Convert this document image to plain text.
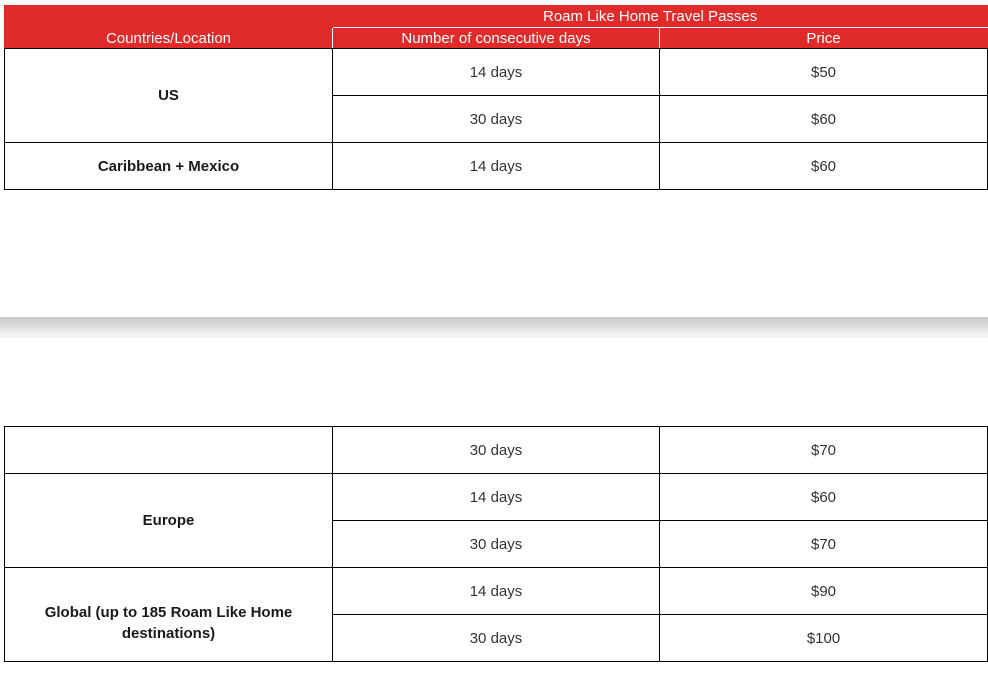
	Roam Like Home Travel Passes	
Countries/Location	Number of consecutive days	Price
US	14 days	$50
	30 days	$60
Caribbean + Mexico	14 days	$60
	30 days	$70
Europe	14 days	$60
	30 days	$70

Global (up to 185 Roam Like Home destinations)	14 days	$90
	30 days	$100
